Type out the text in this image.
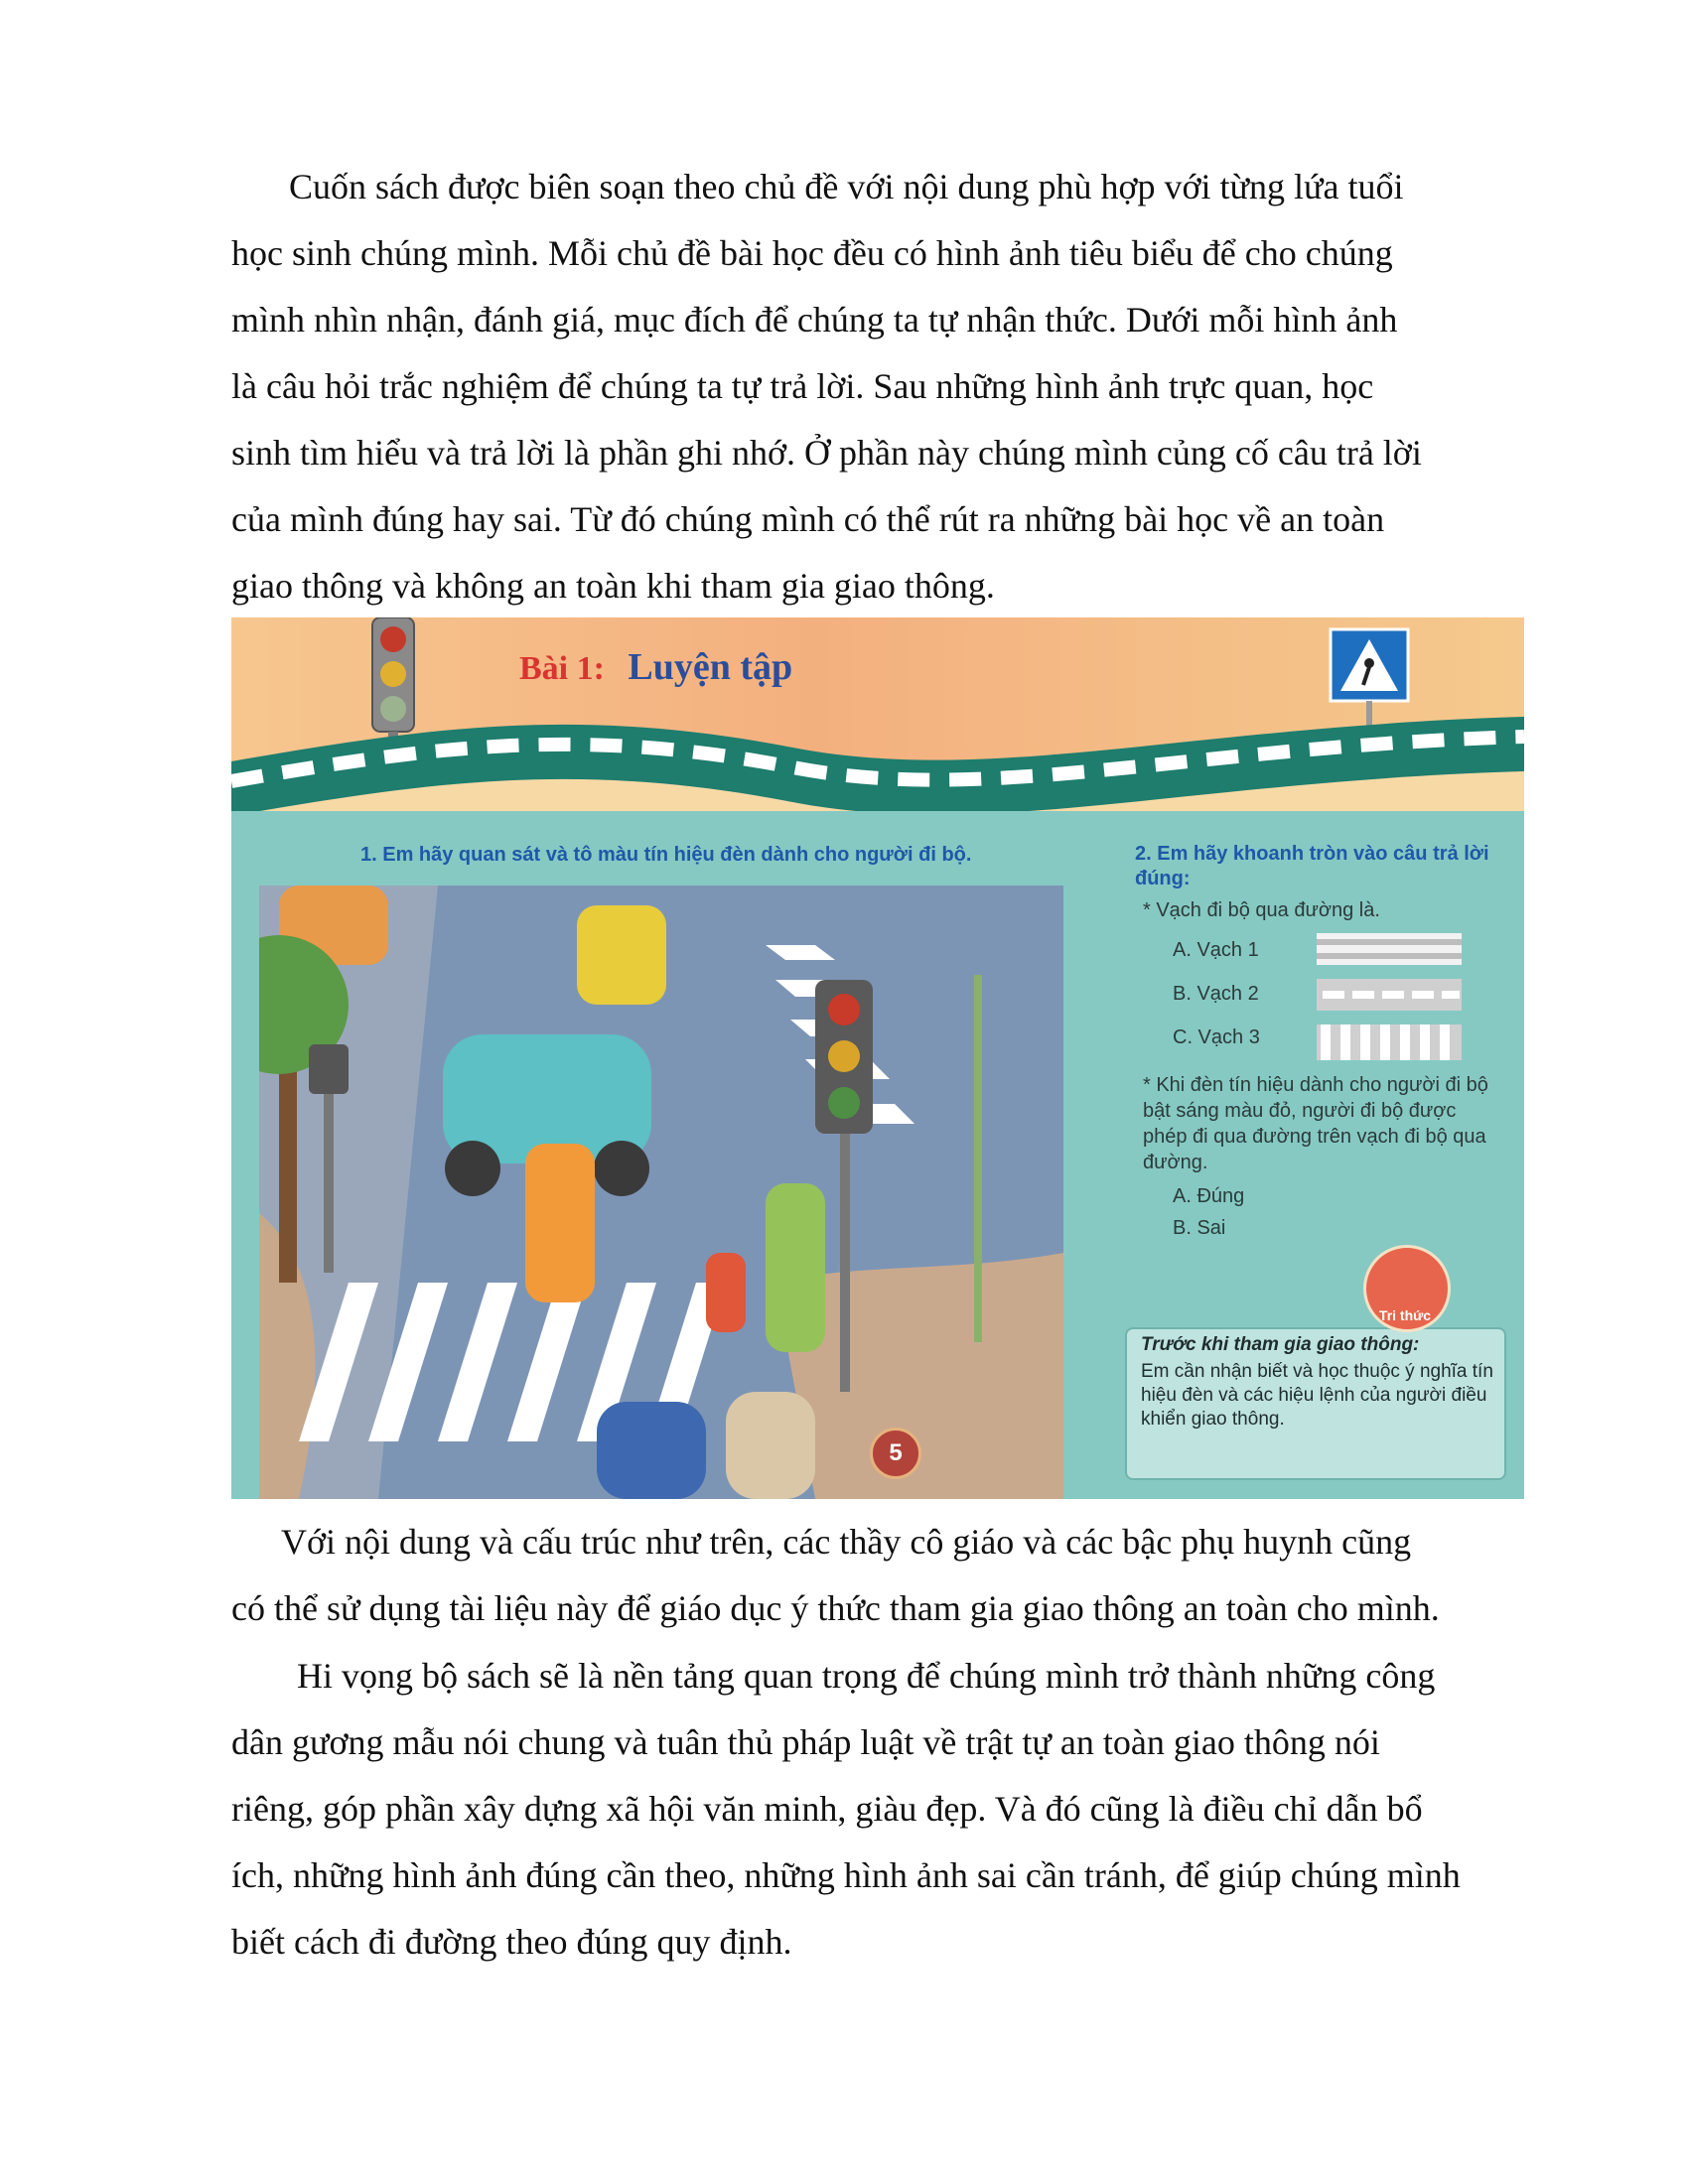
Cuốn sách được biên soạn theo chủ đề với nội dung phù hợp với từng lứa tuổi
học sinh chúng mình. Mỗi chủ đề bài học đều có hình ảnh tiêu biểu để cho chúng
mình nhìn nhận, đánh giá, mục đích để chúng ta tự nhận thức. Dưới mỗi hình ảnh
là câu hỏi trắc nghiệm để chúng ta tự trả lời. Sau những hình ảnh trực quan, học
sinh tìm hiểu và trả lời là phần ghi nhớ. Ở phần này chúng mình củng cố câu trả lời
của mình đúng hay sai. Từ đó chúng mình có thể rút ra những bài học về an toàn
giao thông và không an toàn khi tham gia giao thông.
Bài 1: Luyện tập
1. Em hãy quan sát và tô màu tín hiệu đèn dành cho người đi bộ.	2. Em hãy khoanh tròn vào câu trả lời đúng:
* Vạch đi bộ qua đường là.
A. Vạch 1
B. Vạch 2
C. Vạch 3
* Khi đèn tín hiệu dành cho người đi bộ bật sáng màu đỏ, người đi bộ được phép đi qua đường trên vạch đi bộ qua đường.
A. Đúng
B. Sai
Tri thức
Trước khi tham gia giao thông:
Em cần nhận biết và học thuộc ý nghĩa tín hiệu đèn và các hiệu lệnh của người điều khiển giao thông.
5
Với nội dung và cấu trúc như trên, các thầy cô giáo và các bậc phụ huynh cũng
có thể sử dụng tài liệu này để giáo dục ý thức tham gia giao thông an toàn cho mình.
Hi vọng bộ sách sẽ là nền tảng quan trọng để chúng mình trở thành những công
dân gương mẫu nói chung và tuân thủ pháp luật về trật tự an toàn giao thông nói
riêng, góp phần xây dựng xã hội văn minh, giàu đẹp. Và đó cũng là điều chỉ dẫn bổ
ích, những hình ảnh đúng cần theo, những hình ảnh sai cần tránh, để giúp chúng mình
biết cách đi đường theo đúng quy định.
